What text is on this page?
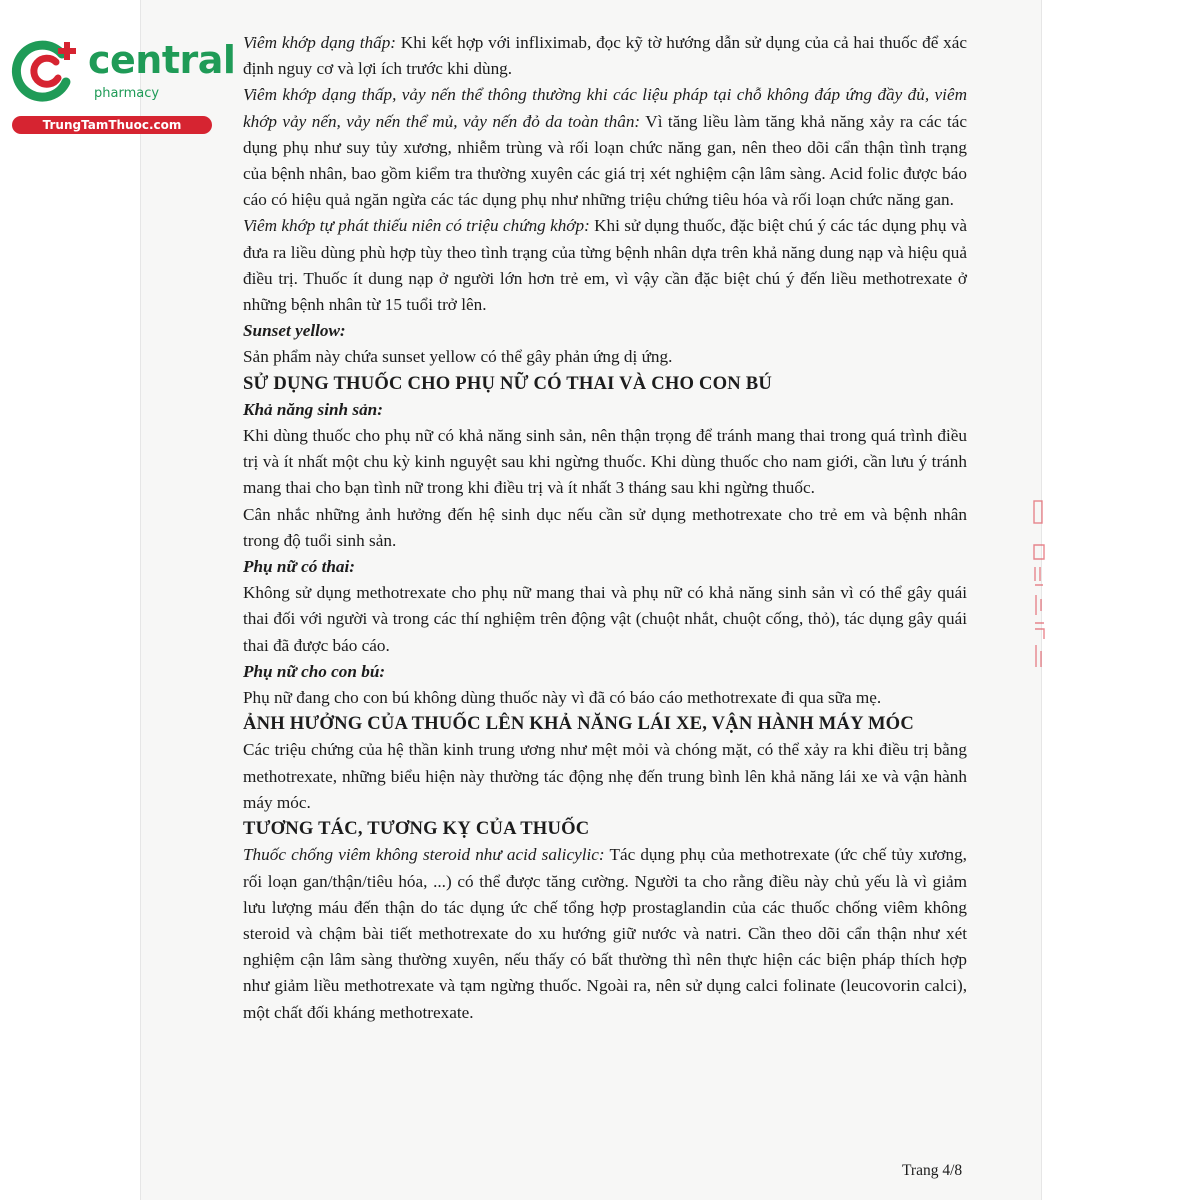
central
pharmacy
TrungTamThuoc.com

Viêm khớp dạng thấp: Khi kết hợp với infliximab, đọc kỹ tờ hướng dẫn sử dụng của cả hai thuốc để xác định nguy cơ và lợi ích trước khi dùng.

Viêm khớp dạng thấp, vảy nến thể thông thường khi các liệu pháp tại chỗ không đáp ứng đầy đủ, viêm khớp vảy nến, vảy nến thể mủ, vảy nến đỏ da toàn thân: Vì tăng liều làm tăng khả năng xảy ra các tác dụng phụ như suy tủy xương, nhiễm trùng và rối loạn chức năng gan, nên theo dõi cẩn thận tình trạng của bệnh nhân, bao gồm kiểm tra thường xuyên các giá trị xét nghiệm cận lâm sàng. Acid folic được báo cáo có hiệu quả ngăn ngừa các tác dụng phụ như những triệu chứng tiêu hóa và rối loạn chức năng gan.

Viêm khớp tự phát thiếu niên có triệu chứng khớp: Khi sử dụng thuốc, đặc biệt chú ý các tác dụng phụ và đưa ra liều dùng phù hợp tùy theo tình trạng của từng bệnh nhân dựa trên khả năng dung nạp và hiệu quả điều trị. Thuốc ít dung nạp ở người lớn hơn trẻ em, vì vậy cần đặc biệt chú ý đến liều methotrexate ở những bệnh nhân từ 15 tuổi trở lên.

Sunset yellow:

Sản phẩm này chứa sunset yellow có thể gây phản ứng dị ứng.

SỬ DỤNG THUỐC CHO PHỤ NỮ CÓ THAI VÀ CHO CON BÚ

Khả năng sinh sản:

Khi dùng thuốc cho phụ nữ có khả năng sinh sản, nên thận trọng để tránh mang thai trong quá trình điều trị và ít nhất một chu kỳ kinh nguyệt sau khi ngừng thuốc. Khi dùng thuốc cho nam giới, cần lưu ý tránh mang thai cho bạn tình nữ trong khi điều trị và ít nhất 3 tháng sau khi ngừng thuốc.

Cân nhắc những ảnh hưởng đến hệ sinh dục nếu cần sử dụng methotrexate cho trẻ em và bệnh nhân trong độ tuổi sinh sản.

Phụ nữ có thai:

Không sử dụng methotrexate cho phụ nữ mang thai và phụ nữ có khả năng sinh sản vì có thể gây quái thai đối với người và trong các thí nghiệm trên động vật (chuột nhắt, chuột cống, thỏ), tác dụng gây quái thai đã được báo cáo.

Phụ nữ cho con bú:

Phụ nữ đang cho con bú không dùng thuốc này vì đã có báo cáo methotrexate đi qua sữa mẹ.

ẢNH HƯỞNG CỦA THUỐC LÊN KHẢ NĂNG LÁI XE, VẬN HÀNH MÁY MÓC

Các triệu chứng của hệ thần kinh trung ương như mệt mỏi và chóng mặt, có thể xảy ra khi điều trị bằng methotrexate, những biểu hiện này thường tác động nhẹ đến trung bình lên khả năng lái xe và vận hành máy móc.

TƯƠNG TÁC, TƯƠNG KỴ CỦA THUỐC

Thuốc chống viêm không steroid như acid salicylic: Tác dụng phụ của methotrexate (ức chế tủy xương, rối loạn gan/thận/tiêu hóa, ...) có thể được tăng cường. Người ta cho rằng điều này chủ yếu là vì giảm lưu lượng máu đến thận do tác dụng ức chế tổng hợp prostaglandin của các thuốc chống viêm không steroid và chậm bài tiết methotrexate do xu hướng giữ nước và natri. Cần theo dõi cẩn thận như xét nghiệm cận lâm sàng thường xuyên, nếu thấy có bất thường thì nên thực hiện các biện pháp thích hợp như giảm liều methotrexate và tạm ngừng thuốc. Ngoài ra, nên sử dụng calci folinate (leucovorin calci), một chất đối kháng methotrexate.

Trang 4/8
